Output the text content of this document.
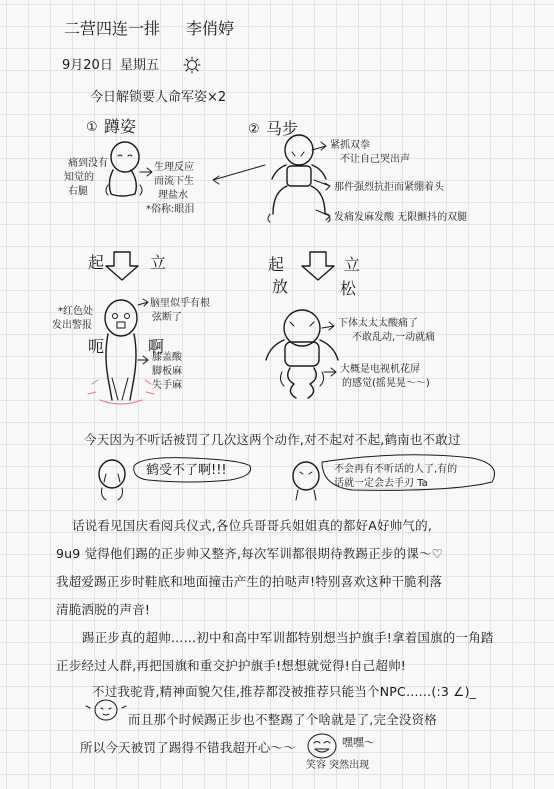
二营四连一排 李俏婷
9月20日 星期五
今日解锁要人命军姿×2
① 蹲姿
痛到没有
知觉的
右腿
生理反应
而流下生
理盐水
*俗称:眼泪
② 马步
紧抓双拳
不让自己哭出声
那件强烈抗拒而紧绷着头
发痛发麻发酸 无限颤抖的双腿
起	立
*红色处
发出警报
呃	啊
脑里似乎有根
弦断了
膝盖酸
脚板麻
失手麻
起	立
放	松
下体太太太酸痛了
不敢乱动,一动就痛
大概是电视机花屏
的感觉(摇晃晃～～)
今天因为不听话被罚了几次这两个动作,对不起对不起,鹤南也不敢过
鹤受不了啊!!!	不会再有不听话的人了,有的
话就一定会去手刃 Ta
话说看见国庆看阅兵仪式,各位兵哥哥兵姐姐真的都好A好帅气的,
9u9 觉得他们踢的正步帅又整齐,每次军训都很期待教踢正步的课～♡
我超爱踢正步时鞋底和地面撞击产生的拍哒声!特别喜欢这种干脆利落
清脆洒脱的声音!
踢正步真的超帅……初中和高中军训都特别想当护旗手!拿着国旗的一角踏
正步经过人群,再把国旗和重交护护旗手!想想就觉得!自己超帅!
不过我驼背,精神面貌欠佳,推荐都没被推荐只能当个NPC……(:3 ∠)_
而且那个时候踢正步也不整踢了个啥就是了,完全没资格
所以今天被罚了踢得不错我超开心～～	嘿嘿～
笑容 突然出现
